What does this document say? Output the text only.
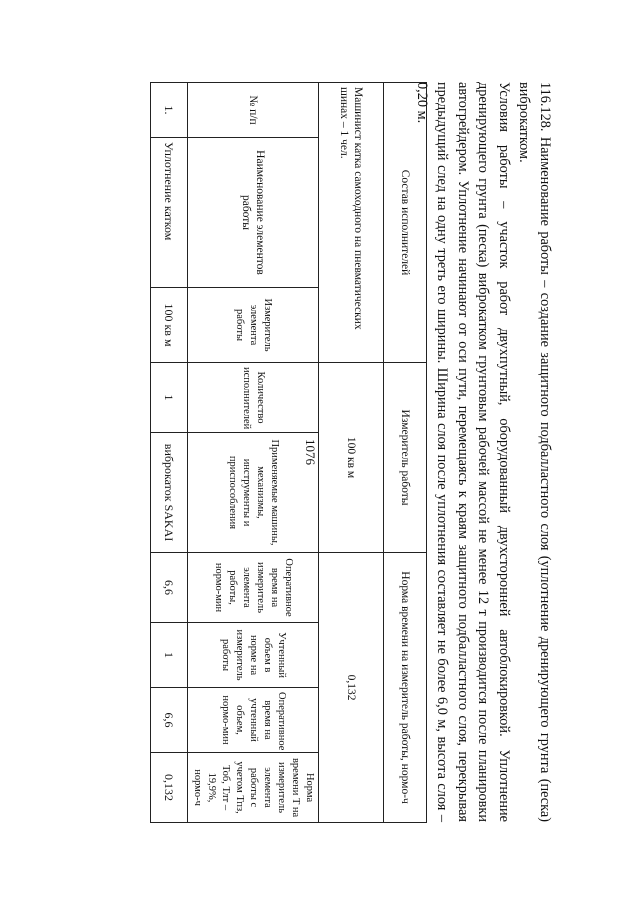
1076	116.128. Наименование работы – создание защитного подбалластного слоя (уплотнение дренирующего грунта (песка) виброкатком.

Условия работы – участок работ двухпутный, оборудованный двухсторонней автоблокировкой. Уплотнение дренирующего грунта (песка) виброкатком грунтовым рабочей массой не менее 12 т производится после планировки автогрейдером. Уплотнение начинают от оси пути, перемещаясь к краям защитного подбалластного слоя, перекрывая предыдущий след на одну треть его ширины. Ширина слоя после уплотнения составляет не более 6,0 м, высота слоя – 0,20 м.

Состав исполнителей			Измеритель работы		Норма времени на измеритель работы, нормо-ч			
Машинист катка самоходного на пневматических шинах – 1 чел.			100 кв м		0,132			
№ п/п	Наименование элементов работы	Измеритель элемента работы	Количество исполнителей	Применяемые машины, механизмы, инструменты и приспособления	Оперативное время на измеритель элемента работы, нормо-мин	Учтенный объем в норме на измеритель работы	Оперативное время на учтенный объем, нормо-мин	Норма времени T на измеритель элемента работы с учетом Тпз, Тоб, Тлт – 19,9%, нормо-ч
1.	Уплотнение катком	100 кв м	1	виброкаток SAKAI	6,6	1	6,6	0,132
